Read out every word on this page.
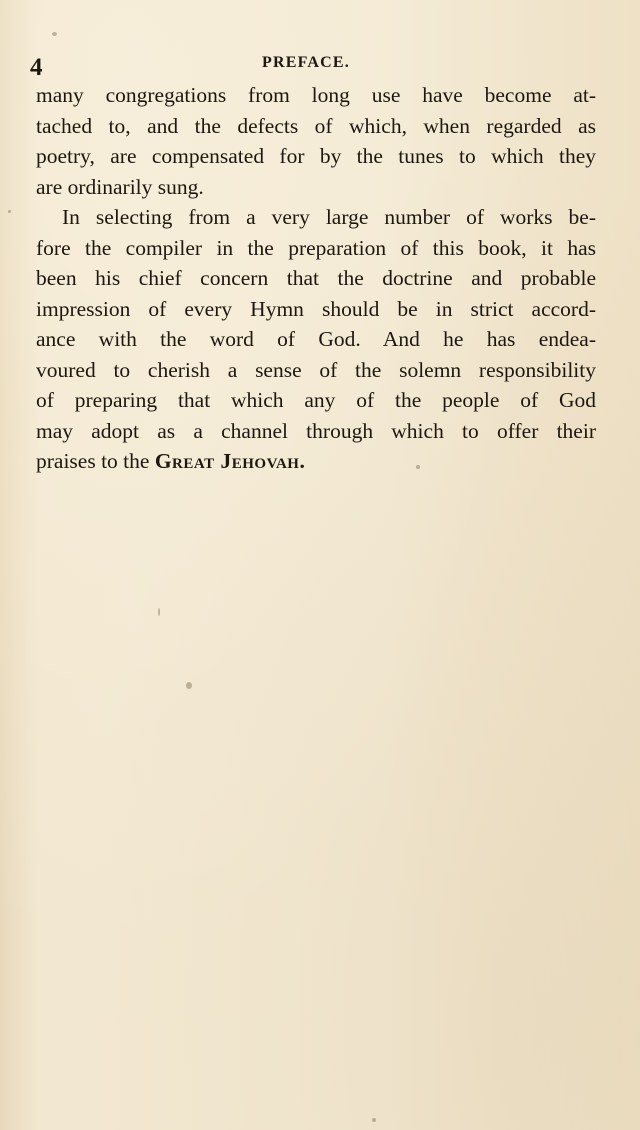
4	PREFACE.
many congregations from long use have become at-
tached to, and the defects of which, when regarded as
poetry, are compensated for by the tunes to which they
are ordinarily sung.
In selecting from a very large number of works be-
fore the compiler in the preparation of this book, it has
been his chief concern that the doctrine and probable
impression of every Hymn should be in strict accord-
ance with the word of God. And he has endea-
voured to cherish a sense of the solemn responsibility
of preparing that which any of the people of God
may adopt as a channel through which to offer their
praises to the Great Jehovah.
